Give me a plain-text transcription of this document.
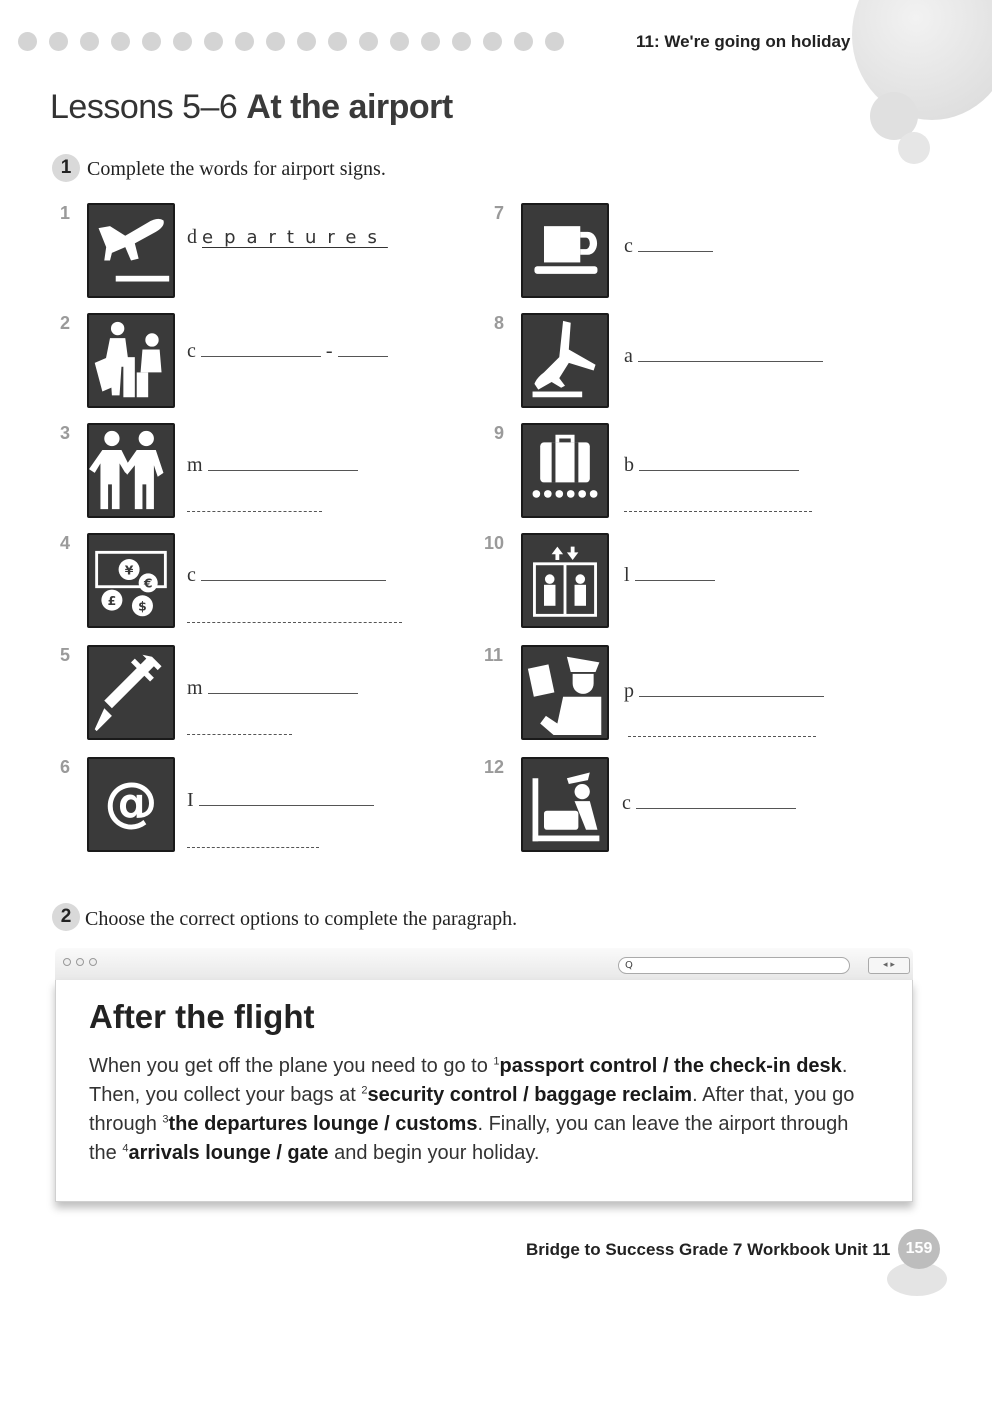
11: We're going on holiday
Lessons 5–6 At the airport
1 Complete the words for airport signs.
1
d epartures
2
c	-
3
m
4
¥
€
£ $
c
5
m
6
@ I
7
c
8
a
9
b
10
l
11
p
12
c
2 Choose the correct options to complete the paragraph.
Q	◂ ▸
After the flight
When you get off the plane you need to go to $^1$passport control / the check-in desk. Then, you collect your bags at $^2$security control / baggage reclaim. After that, you go through $^3$the departures lounge / customs. Finally, you can leave the airport through the $^4$arrivals lounge / gate and begin your holiday.
Bridge to Success Grade 7 Workbook Unit 11 159
